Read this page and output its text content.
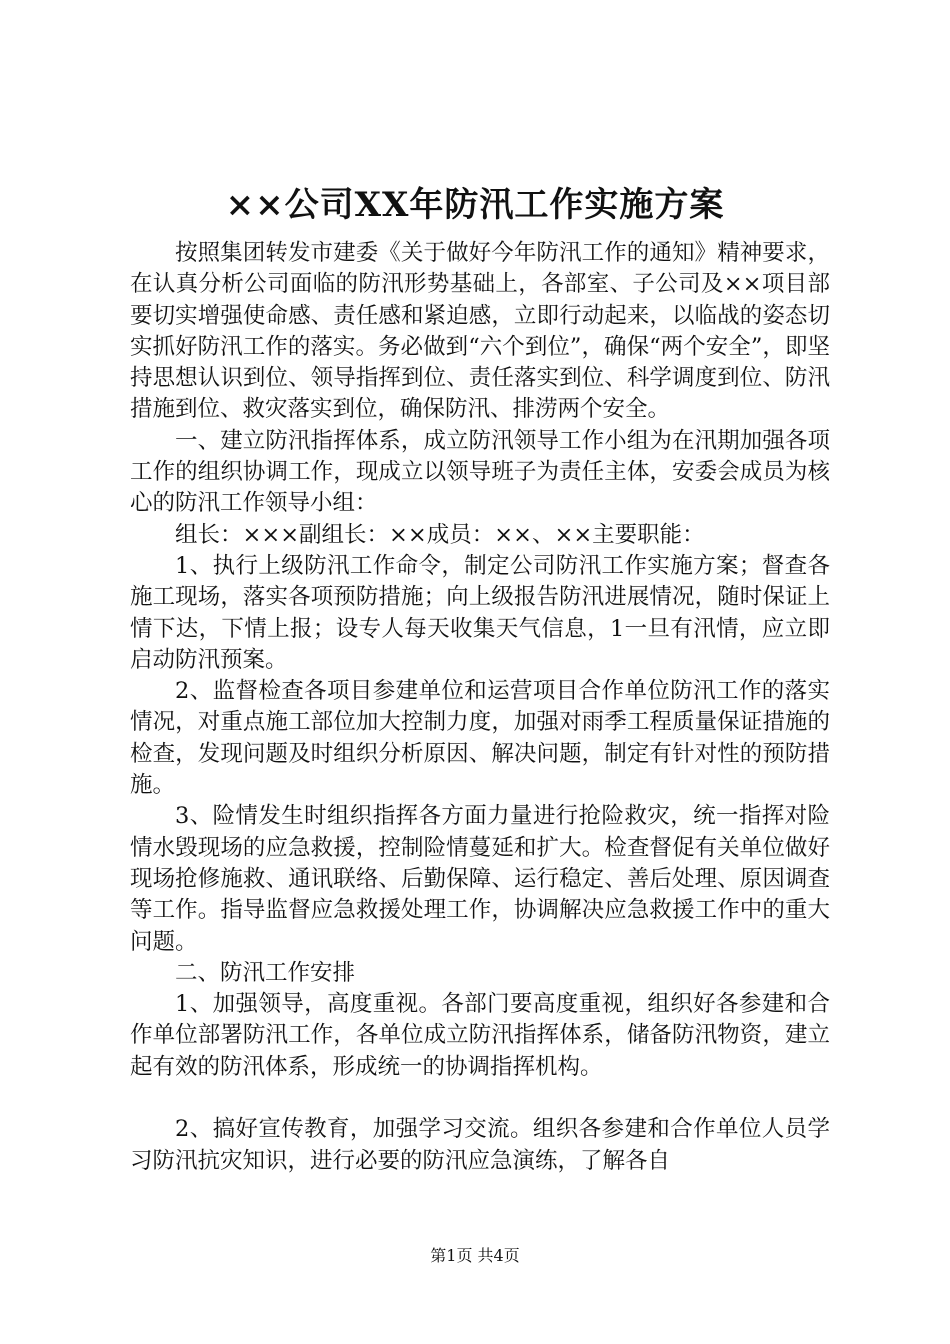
××公司XX年防汛工作实施方案

按照集团转发市建委《关于做好今年防汛工作的通知》精神要求，在认真分析公司面临的防汛形势基础上，各部室、子公司及××项目部要切实增强使命感、责任感和紧迫感，立即行动起来，以临战的姿态切实抓好防汛工作的落实。务必做到“六个到位”，确保“两个安全”，即坚持思想认识到位、领导指挥到位、责任落实到位、科学调度到位、防汛措施到位、救灾落实到位，确保防汛、排涝两个安全。

一、建立防汛指挥体系，成立防汛领导工作小组为在汛期加强各项工作的组织协调工作，现成立以领导班子为责任主体，安委会成员为核心的防汛工作领导小组：

组长：×××副组长：××成员：××、××主要职能：

1、执行上级防汛工作命令，制定公司防汛工作实施方案；督查各施工现场，落实各项预防措施；向上级报告防汛进展情况，随时保证上情下达，下情上报；设专人每天收集天气信息，1一旦有汛情，应立即启动防汛预案。

2、监督检查各项目参建单位和运营项目合作单位防汛工作的落实情况，对重点施工部位加大控制力度，加强对雨季工程质量保证措施的检查，发现问题及时组织分析原因、解决问题，制定有针对性的预防措施。

3、险情发生时组织指挥各方面力量进行抢险救灾，统一指挥对险情水毁现场的应急救援，控制险情蔓延和扩大。检查督促有关单位做好现场抢修施救、通讯联络、后勤保障、运行稳定、善后处理、原因调查等工作。指导监督应急救援处理工作，协调解决应急救援工作中的重大问题。

二、防汛工作安排

1、加强领导，高度重视。各部门要高度重视，组织好各参建和合作单位部署防汛工作，各单位成立防汛指挥体系，储备防汛物资，建立起有效的防汛体系，形成统一的协调指挥机构。

2、搞好宣传教育，加强学习交流。组织各参建和合作单位人员学习防汛抗灾知识，进行必要的防汛应急演练，了解各自

第1页 共4页
